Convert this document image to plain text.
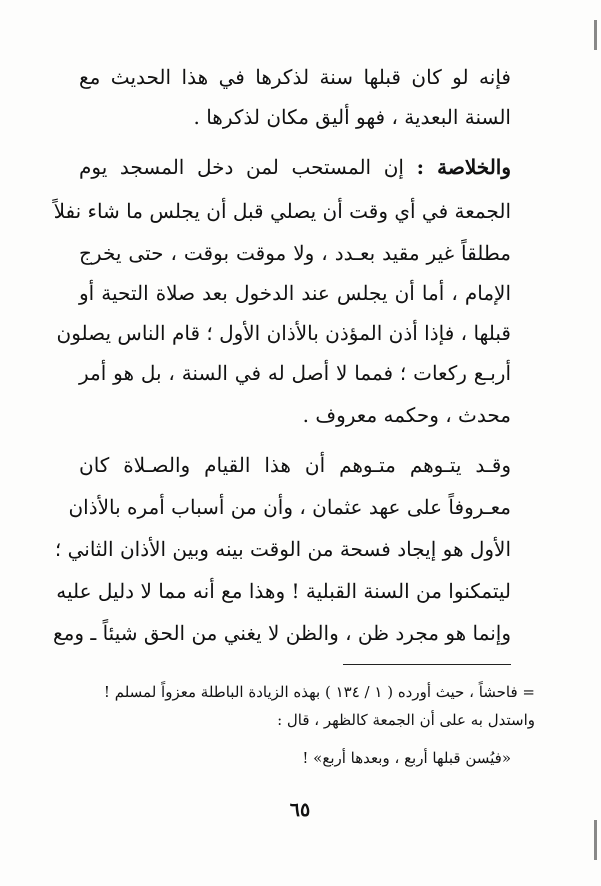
فإنه لو كان قبلها سنة لذكرها في هذا الحديث مع
السنة البعدية ، فهو أليق مكان لذكرها .
والخلاصة : إن المستحب لمن دخل المسجد يوم
الجمعة في أي وقت أن يصلي قبل أن يجلس ما شاء نفلاً
مطلقاً غير مقيد بعـدد ، ولا موقت بوقت ، حتى يخرج
الإمام ، أما أن يجلس عند الدخول بعد صلاة التحية أو
قبلها ، فإذا أذن المؤذن بالأذان الأول ؛ قام الناس يصلون
أربـع ركعات ؛ فمما لا أصل له في السنة ، بل هو أمر
محدث ، وحكمه معروف .
وقـد يتـوهم متـوهم أن هذا القيام والصـلاة كان
معـروفاً على عهد عثمان ، وأن من أسباب أمره بالأذان
الأول هو إيجاد فسحة من الوقت بينه وبين الأذان الثاني ؛
ليتمكنوا من السنة القبلية ! وهذا مع أنه مما لا دليل عليه
وإنما هو مجرد ظن ، والظن لا يغني من الحق شيئاً ـ ومع
= فاحشاً ، حيث أورده ( ١ / ١٣٤ ) بهذه الزيادة الباطلة معزواً لمسلم !
واستدل به على أن الجمعة كالظهر ، قال :
«فيُسن قبلها أربع ، وبعدها أربع» !
٦٥
